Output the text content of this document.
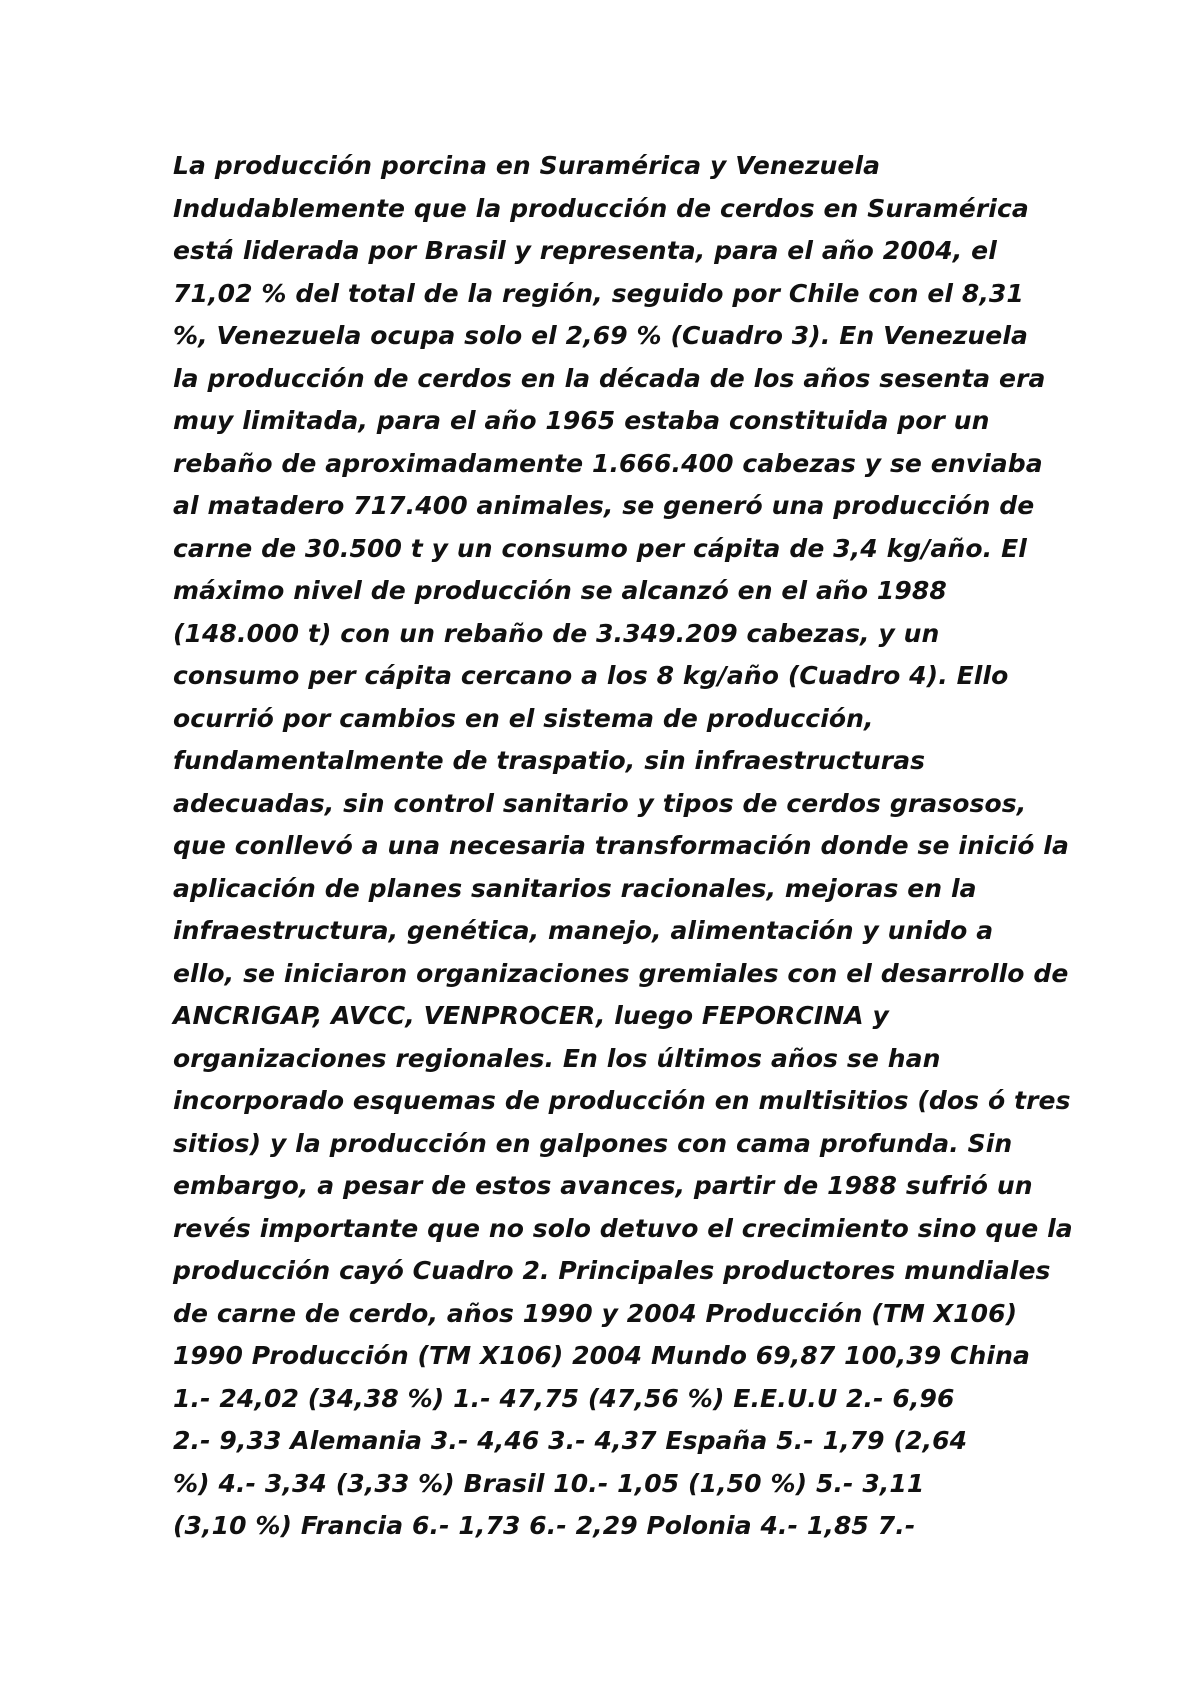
La producción porcina en Suramérica y Venezuela
Indudablemente que la producción de cerdos en Suramérica
está liderada por Brasil y representa, para el año 2004, el
71,02 % del total de la región, seguido por Chile con el 8,31
%, Venezuela ocupa solo el 2,69 % (Cuadro 3). En Venezuela
la producción de cerdos en la década de los años sesenta era
muy limitada, para el año 1965 estaba constituida por un
rebaño de aproximadamente 1.666.400 cabezas y se enviaba
al matadero 717.400 animales, se generó una producción de
carne de 30.500 t y un consumo per cápita de 3,4 kg/año. El
máximo nivel de producción se alcanzó en el año 1988
(148.000 t) con un rebaño de 3.349.209 cabezas, y un
consumo per cápita cercano a los 8 kg/año (Cuadro 4). Ello
ocurrió por cambios en el sistema de producción,
fundamentalmente de traspatio, sin infraestructuras
adecuadas, sin control sanitario y tipos de cerdos grasosos,
que conllevó a una necesaria transformación donde se inició la
aplicación de planes sanitarios racionales, mejoras en la
infraestructura, genética, manejo, alimentación y unido a
ello, se iniciaron organizaciones gremiales con el desarrollo de
ANCRIGAP, AVCC, VENPROCER, luego FEPORCINA y
organizaciones regionales. En los últimos años se han
incorporado esquemas de producción en multisitios (dos ó tres
sitios) y la producción en galpones con cama profunda. Sin
embargo, a pesar de estos avances, partir de 1988 sufrió un
revés importante que no solo detuvo el crecimiento sino que la
producción cayó Cuadro 2. Principales productores mundiales
de carne de cerdo, años 1990 y 2004 Producción (TM X106)
1990 Producción (TM X106) 2004 Mundo 69,87 100,39 China
1.- 24,02 (34,38 %) 1.- 47,75 (47,56 %) E.E.U.U 2.- 6,96
2.- 9,33 Alemania 3.- 4,46 3.- 4,37 España 5.- 1,79 (2,64
%) 4.- 3,34 (3,33 %) Brasil 10.- 1,05 (1,50 %) 5.- 3,11
(3,10 %) Francia 6.- 1,73 6.- 2,29 Polonia 4.- 1,85 7.-
